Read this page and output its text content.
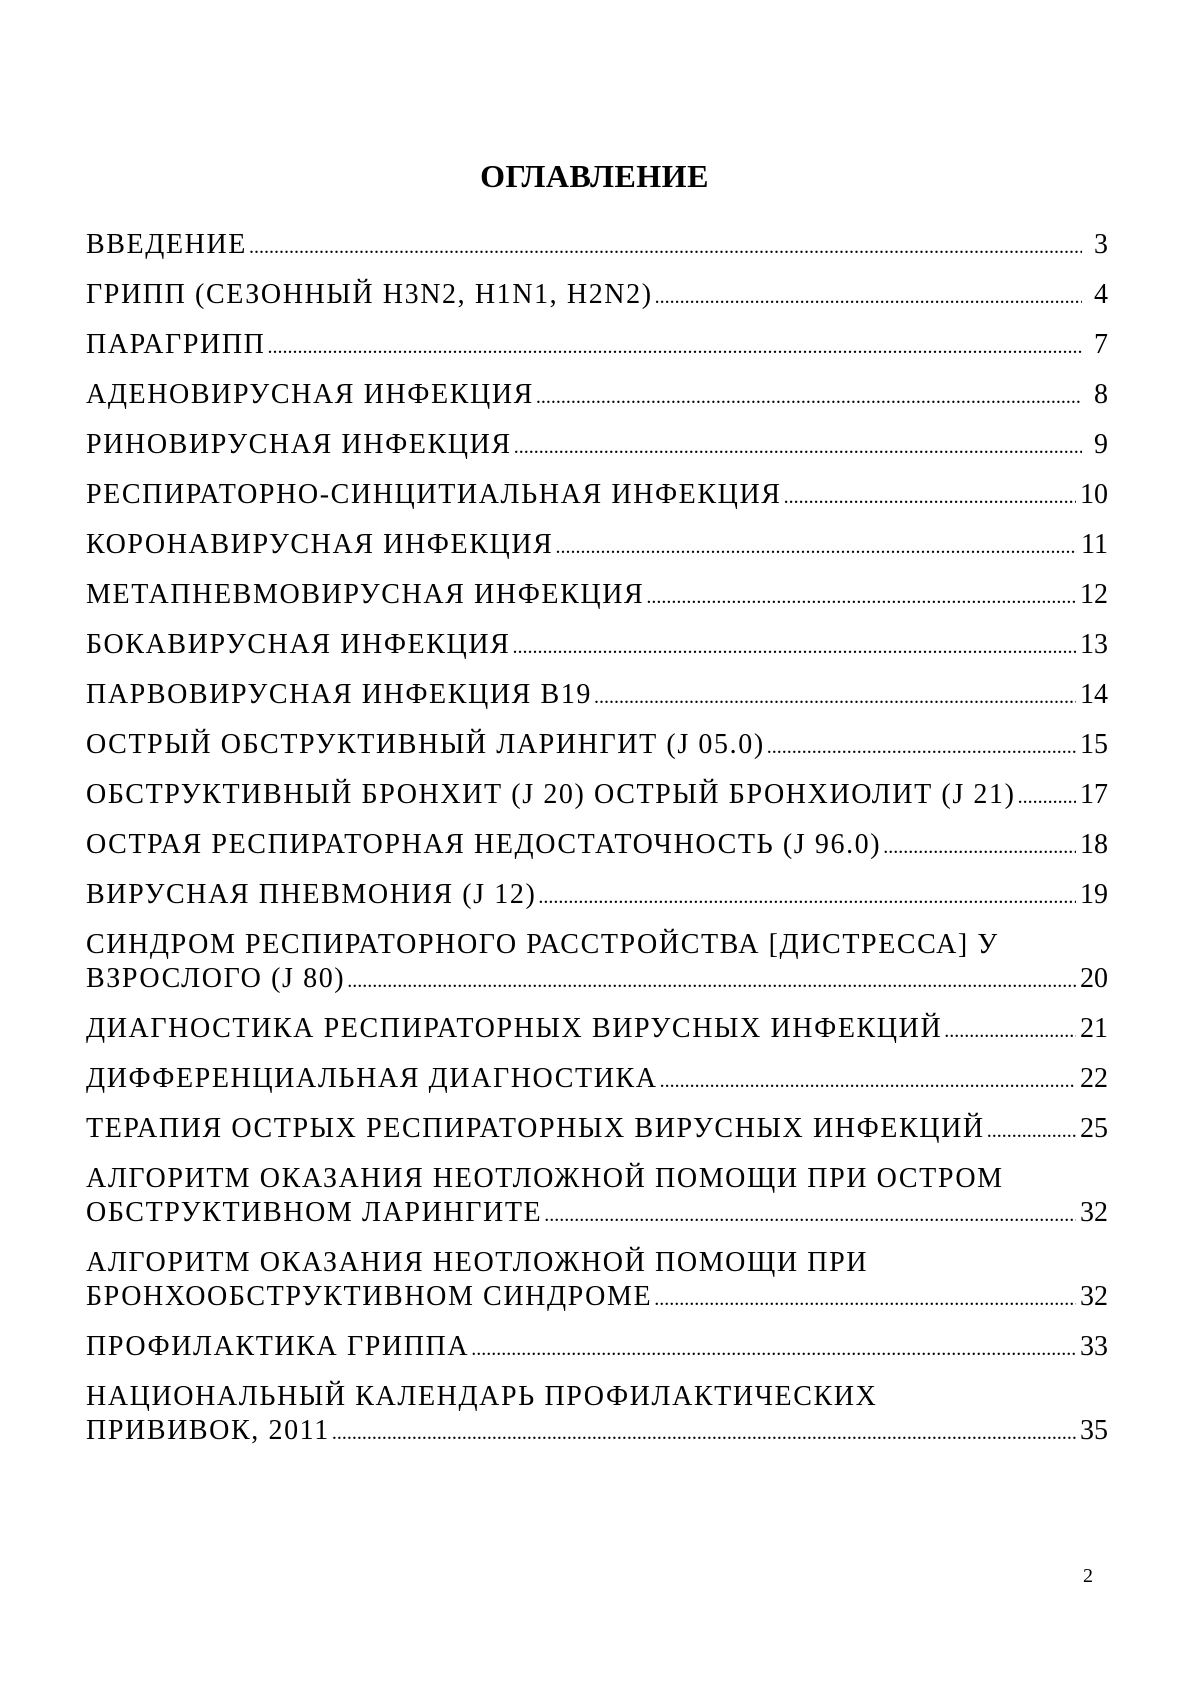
ОГЛАВЛЕНИЕ
ВВЕДЕНИЕ .....	3
ГРИПП (СЕЗОННЫЙ H3N2, H1N1, H2N2) .....	4
ПАРАГРИПП .....	7
АДЕНОВИРУСНАЯ ИНФЕКЦИЯ .....	8
РИНОВИРУСНАЯ ИНФЕКЦИЯ .....	9
РЕСПИРАТОРНО-СИНЦИТИАЛЬНАЯ ИНФЕКЦИЯ .....	10
КОРОНАВИРУСНАЯ ИНФЕКЦИЯ .....	11
МЕТАПНЕВМОВИРУСНАЯ ИНФЕКЦИЯ .....	12
БОКАВИРУСНАЯ ИНФЕКЦИЯ .....	13
ПАРВОВИРУСНАЯ ИНФЕКЦИЯ В19 .....	14
ОСТРЫЙ ОБСТРУКТИВНЫЙ ЛАРИНГИТ (J 05.0) .....	15
ОБСТРУКТИВНЫЙ БРОНХИТ (J 20) ОСТРЫЙ БРОНХИОЛИТ (J 21) ..... 17
ОСТРАЯ РЕСПИРАТОРНАЯ НЕДОСТАТОЧНОСТЬ (J 96.0) .....	18
ВИРУСНАЯ ПНЕВМОНИЯ (J 12) .....	19
СИНДРОМ РЕСПИРАТОРНОГО РАССТРОЙСТВА [ДИСТРЕССА] У
ВЗРОСЛОГО (J 80) .....	20
ДИАГНОСТИКА РЕСПИРАТОРНЫХ ВИРУСНЫХ ИНФЕКЦИЙ .....	21
ДИФФЕРЕНЦИАЛЬНАЯ ДИАГНОСТИКА .....	22
ТЕРАПИЯ ОСТРЫХ РЕСПИРАТОРНЫХ ВИРУСНЫХ ИНФЕКЦИЙ .....	25
АЛГОРИТМ ОКАЗАНИЯ НЕОТЛОЖНОЙ ПОМОЩИ ПРИ ОСТРОМ
ОБСТРУКТИВНОМ ЛАРИНГИТЕ .....	32
АЛГОРИТМ ОКАЗАНИЯ НЕОТЛОЖНОЙ ПОМОЩИ ПРИ
БРОНХООБСТРУКТИВНОМ СИНДРОМЕ .....	32
ПРОФИЛАКТИКА ГРИППА .....	33
НАЦИОНАЛЬНЫЙ КАЛЕНДАРЬ ПРОФИЛАКТИЧЕСКИХ
ПРИВИВОК, 2011 .....	35
2
